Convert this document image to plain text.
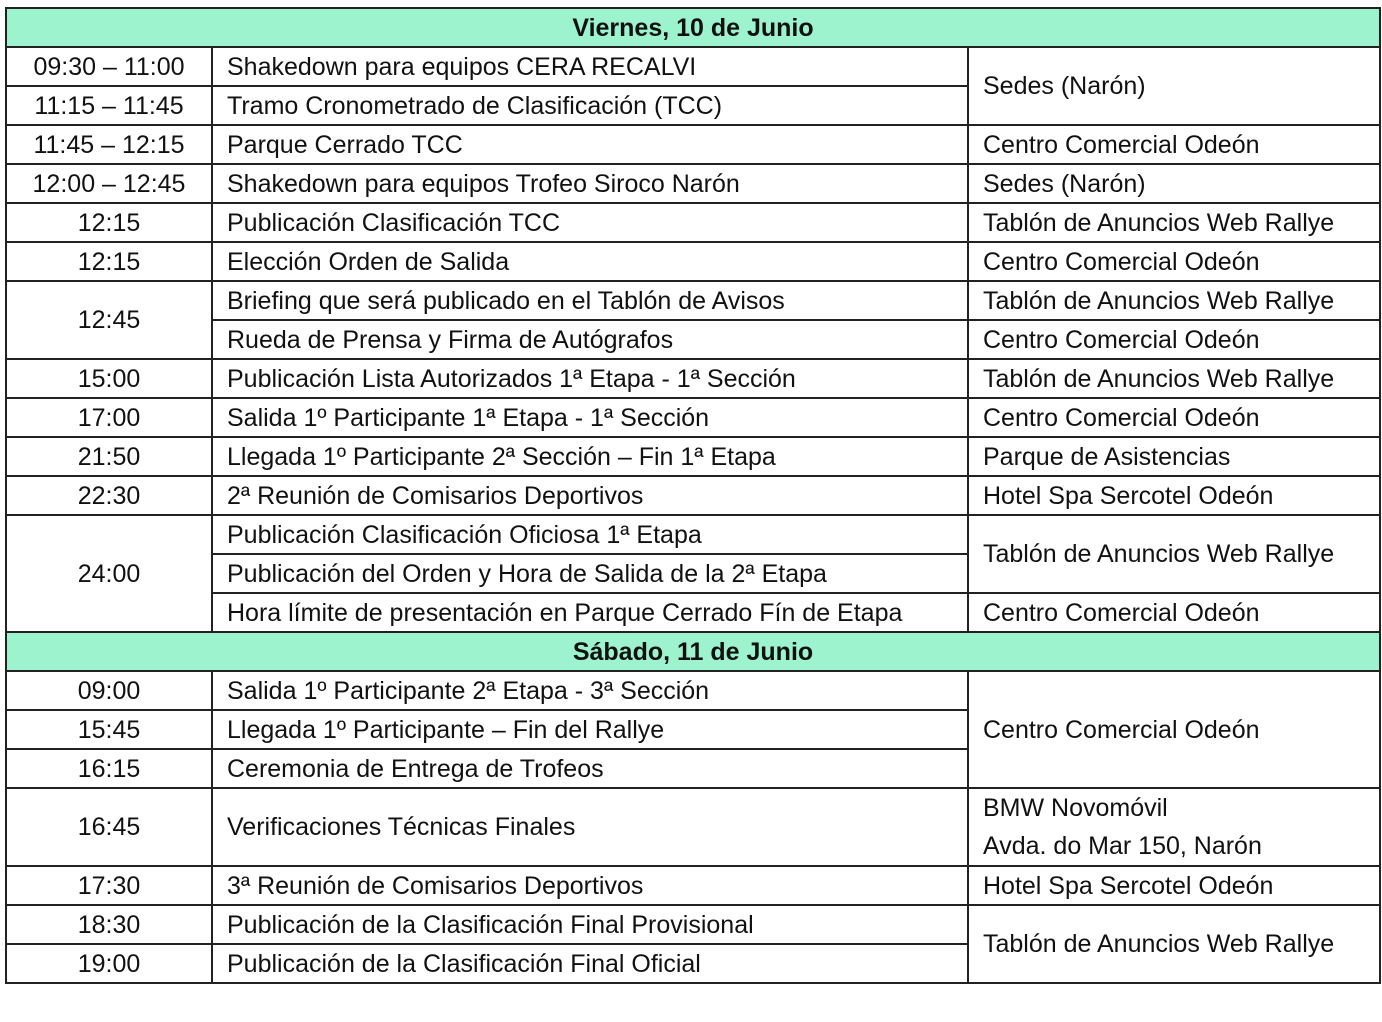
Viernes, 10 de Junio		
09:30 – 11:00	Shakedown para equipos CERA RECALVI	Sedes (Narón)

11:15 – 11:45	Tramo Cronometrado de Clasificación (TCC)	
11:45 – 12:15	Parque Cerrado TCC	Centro Comercial Odeón

12:00 – 12:45	Shakedown para equipos Trofeo Siroco Narón	Sedes (Narón)

12:15	Publicación Clasificación TCC	Tablón de Anuncios Web Rallye

12:15	Elección Orden de Salida	Centro Comercial Odeón

12:45	Briefing que será publicado en el Tablón de Avisos	Tablón de Anuncios Web Rallye

	Rueda de Prensa y Firma de Autógrafos	Centro Comercial Odeón

15:00	Publicación Lista Autorizados 1ª Etapa - 1ª Sección	Tablón de Anuncios Web Rallye

17:00	Salida 1º Participante 1ª Etapa - 1ª Sección	Centro Comercial Odeón

21:50	Llegada 1º Participante 2ª Sección – Fin 1ª Etapa	Parque de Asistencias

22:30	2ª Reunión de Comisarios Deportivos	Hotel Spa Sercotel Odeón

24:00	Publicación Clasificación Oficiosa 1ª Etapa	Tablón de Anuncios Web Rallye

	Publicación del Orden y Hora de Salida de la 2ª Etapa	
	Hora límite de presentación en Parque Cerrado Fín de Etapa	Centro Comercial Odeón

Sábado, 11 de Junio		
09:00	Salida 1º Participante 2ª Etapa - 3ª Sección	Centro Comercial Odeón

15:45	Llegada 1º Participante – Fin del Rallye	
16:15	Ceremonia de Entrega de Trofeos	
16:45	Verificaciones Técnicas Finales	BMW Novomóvil
Avda. do Mar 150, Narón

17:30	3ª Reunión de Comisarios Deportivos	Hotel Spa Sercotel Odeón

18:30	Publicación de la Clasificación Final Provisional	Tablón de Anuncios Web Rallye

19:00	Publicación de la Clasificación Final Oficial	
